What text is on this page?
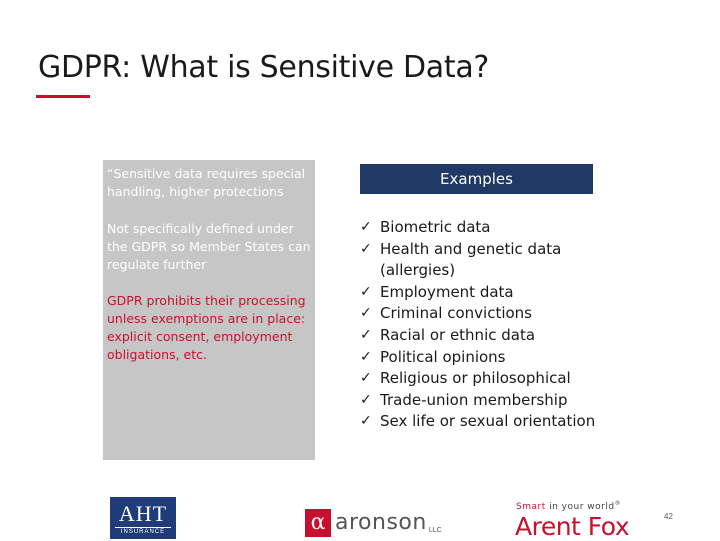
GDPR: What is Sensitive Data?
“Sensitive data requires special handling, higher protections
Not specifically defined under the GDPR so Member States can regulate further
GDPR prohibits their processing unless exemptions are in place: explicit consent, employment obligations, etc.
Examples
✓ Biometric data
✓ Health and genetic data
(allergies)
✓ Employment data
✓ Criminal convictions
✓ Racial or ethnic data
✓ Political opinions
✓ Religious or philosophical
✓ Trade-union membership
✓ Sex life or sexual orientation
AHT
INSURANCE	α aronson LLC
Smart in your world®
Arent Fox	42
